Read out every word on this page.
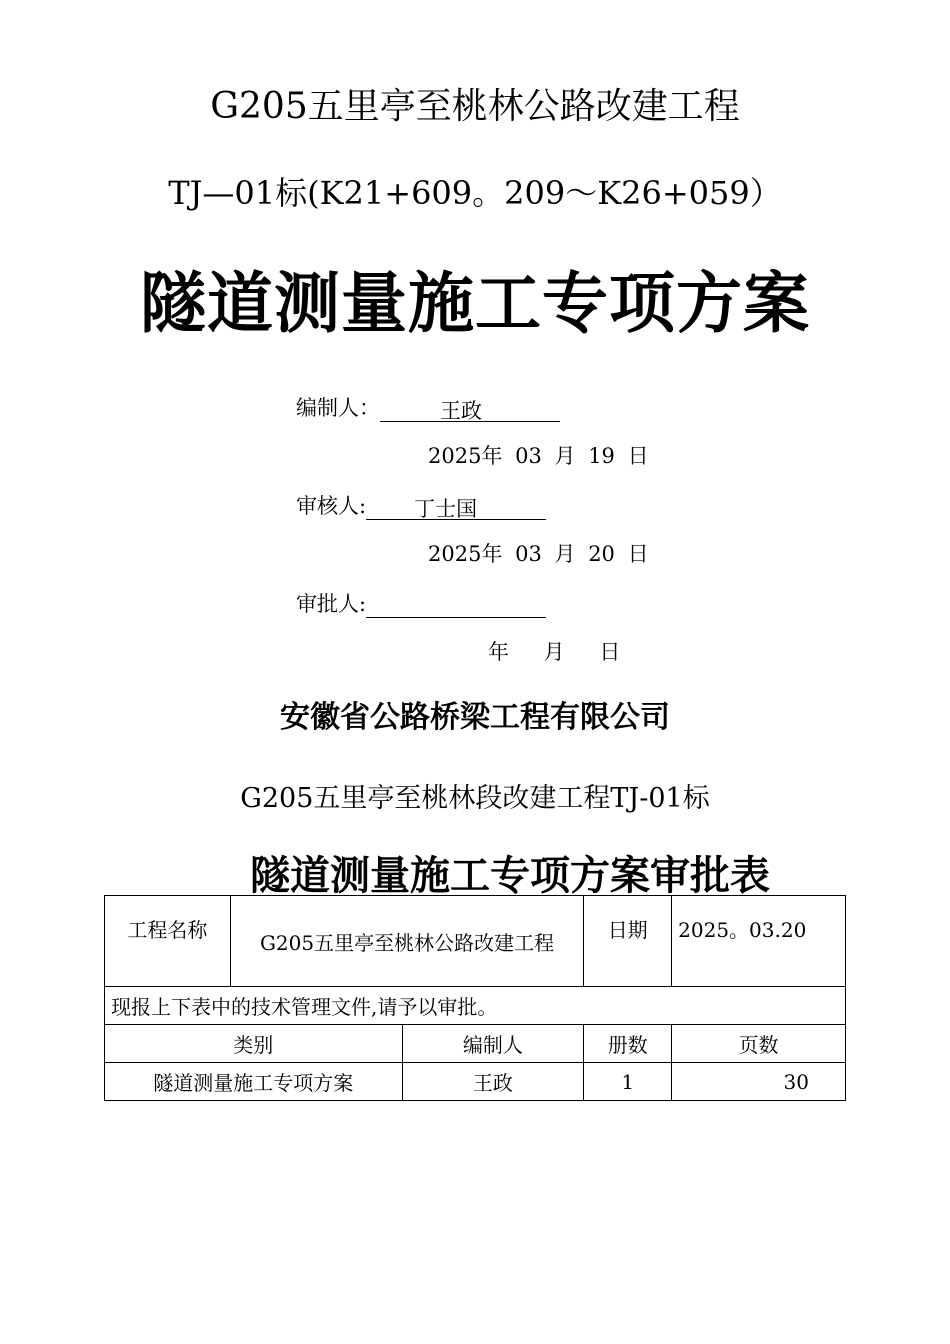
G205五里亭至桃林公路改建工程
TJ—01标(K21+609。209～K26+059）
隧道测量施工专项方案
编制人：	王政
2025年 03 月 19 日
审核人: 丁士国
2025年 03 月 20 日
审批人:
年 月 日
安徽省公路桥梁工程有限公司
G205五里亭至桃林段改建工程TJ-01标
隧道测量施工专项方案审批表
工程名称	G205五里亭至桃林公路改建工程		日期	2025。03.20
现报上下表中的技术管理文件,请予以审批。				
类别		编制人	册数	页数
隧道测量施工专项方案		王政	1	30
